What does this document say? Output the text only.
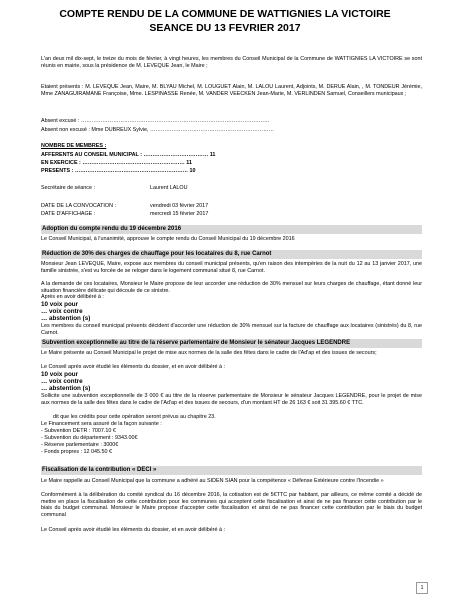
COMPTE RENDU DE LA COMMUNE DE WATTIGNIES LA VICTOIRE
SEANCE DU 13 FEVRIER 2017

L'an deux mil dix-sept, le treize du mois de février, à vingt heures, les membres du Conseil Municipal de la Commune de WATTIGNIES LA VICTOIRE se sont réunis en mairie, sous la présidence de M. LEVEQUE Jean, le Maire ;

Etaient présents : M. LEVEQUE Jean, Maire, M. BLYAU Michel, M. LOUGUET Alain, M. LALOU Laurent, Adjoints, M. DERUE Alain, , M. TONDEUR Jérémie, Mme ZANAGUIRAMANE Françoise, Mme. LESPINASSE Renée, M. VANDER VEECKEN Jean-Marie, M. VERLINDEN Samuel, Conseillers municipaux ;

Absent excusé : ……………………………………………………………………………………………

Absent non excusé : Mme DUBREUX Sylvie, ……………………………………………………………

NOMBRE DE MEMBRES :

AFFERENTS AU CONSEIL MUNICIPAL : ……………………………… 11

EN EXERCICE : ………………………………………………… 11

PRESENTS : ……………………………………………………… 10

Secrétaire de séance :	Laurent LALOU
DATE DE LA CONVOCATION :	vendredi 03 février 2017
DATE D'AFFICHAGE :	mercredi 15 février 2017
Adoption du compte rendu du 19 décembre 2016

Le Conseil Municipal, à l'unanimité, approuve le compte rendu du Conseil Municipal du 19 décembre 2016

Réduction de 30% des charges de chauffage pour les locataires du 8, rue Carnot

Monsieur Jean LEVEQUE, Maire, expose aux membres du conseil municipal présents, qu'en raison des intempéries de la nuit du 12 au 13 janvier 2017, une famille sinistrée, s'est vu forcée de se reloger dans le logement communal situé 8, rue Carnot.

A la demande de ces locataires, Monsieur le Maire propose de leur accorder une réduction de 30% mensuel sur leurs charges de chauffage, étant donné leur situation financière délicate qui découle de ce sinistre.

Après en avoir délibéré à :

10 voix pour

… voix contre

… abstention (s)

Les membres du conseil municipal présents décident d'accorder une réduction de 30% mensuel sur la facture de chauffage aux locataires (sinistrés) du 8, rue Carnot.

Subvention exceptionnelle au titre de la réserve parlementaire de Monsieur le sénateur Jacques LEGENDRE

Le Maire présente au Conseil Municipal le projet de mise aux normes de la salle des fêtes dans le cadre de l'Ad'ap et des issues de secours;

Le Conseil après avoir étudié les éléments du dossier, et en avoir délibéré à :

10 voix pour

… voix contre

… abstention (s)

Sollicite une subvention exceptionnelle de 3 000 € au titre de la réserve parlementaire de Monsieur le sénateur Jacques LEGENDRE, pour le projet de mise aux normes de la salle des fêtes dans le cadre de l'Ad'ap et des issues de secours, d'un montant HT de 26 163 € soit 31 395.60 € TTC.

dit que les crédits pour cette opération seront prévus au chapitre 23.

Le Financement sera assuré de la façon suivante :

- Subvention DETR : 7007.10 €

- Subvention du département : 9343.00€

- Réserve parlementaire : 3000€

- Fonds propres : 12 045.50 €

Fiscalisation de la contribution « DECI »

Le Maire rappelle au Conseil Municipal que la commune a adhéré au SIDEN SIAN pour la compétence « Défense Extérieure contre l'Incendie »

Conformément à la délibération du comité syndical du 16 décembre 2016, la cotisation est de 5€TTC par habitant, par ailleurs, ce même comité a décidé de mettre en place la fiscalisation de cette contribution pour les communes qui acceptent cette fiscalisation et ainsi de ne pas financer cette contribution par le biais du budget communal. Monsieur le Maire propose d'accepter cette fiscalisation et ainsi de ne pas financer cette contribution par le biais du budget communal

Le Conseil après avoir étudié les éléments du dossier, et en avoir délibéré à :

1
